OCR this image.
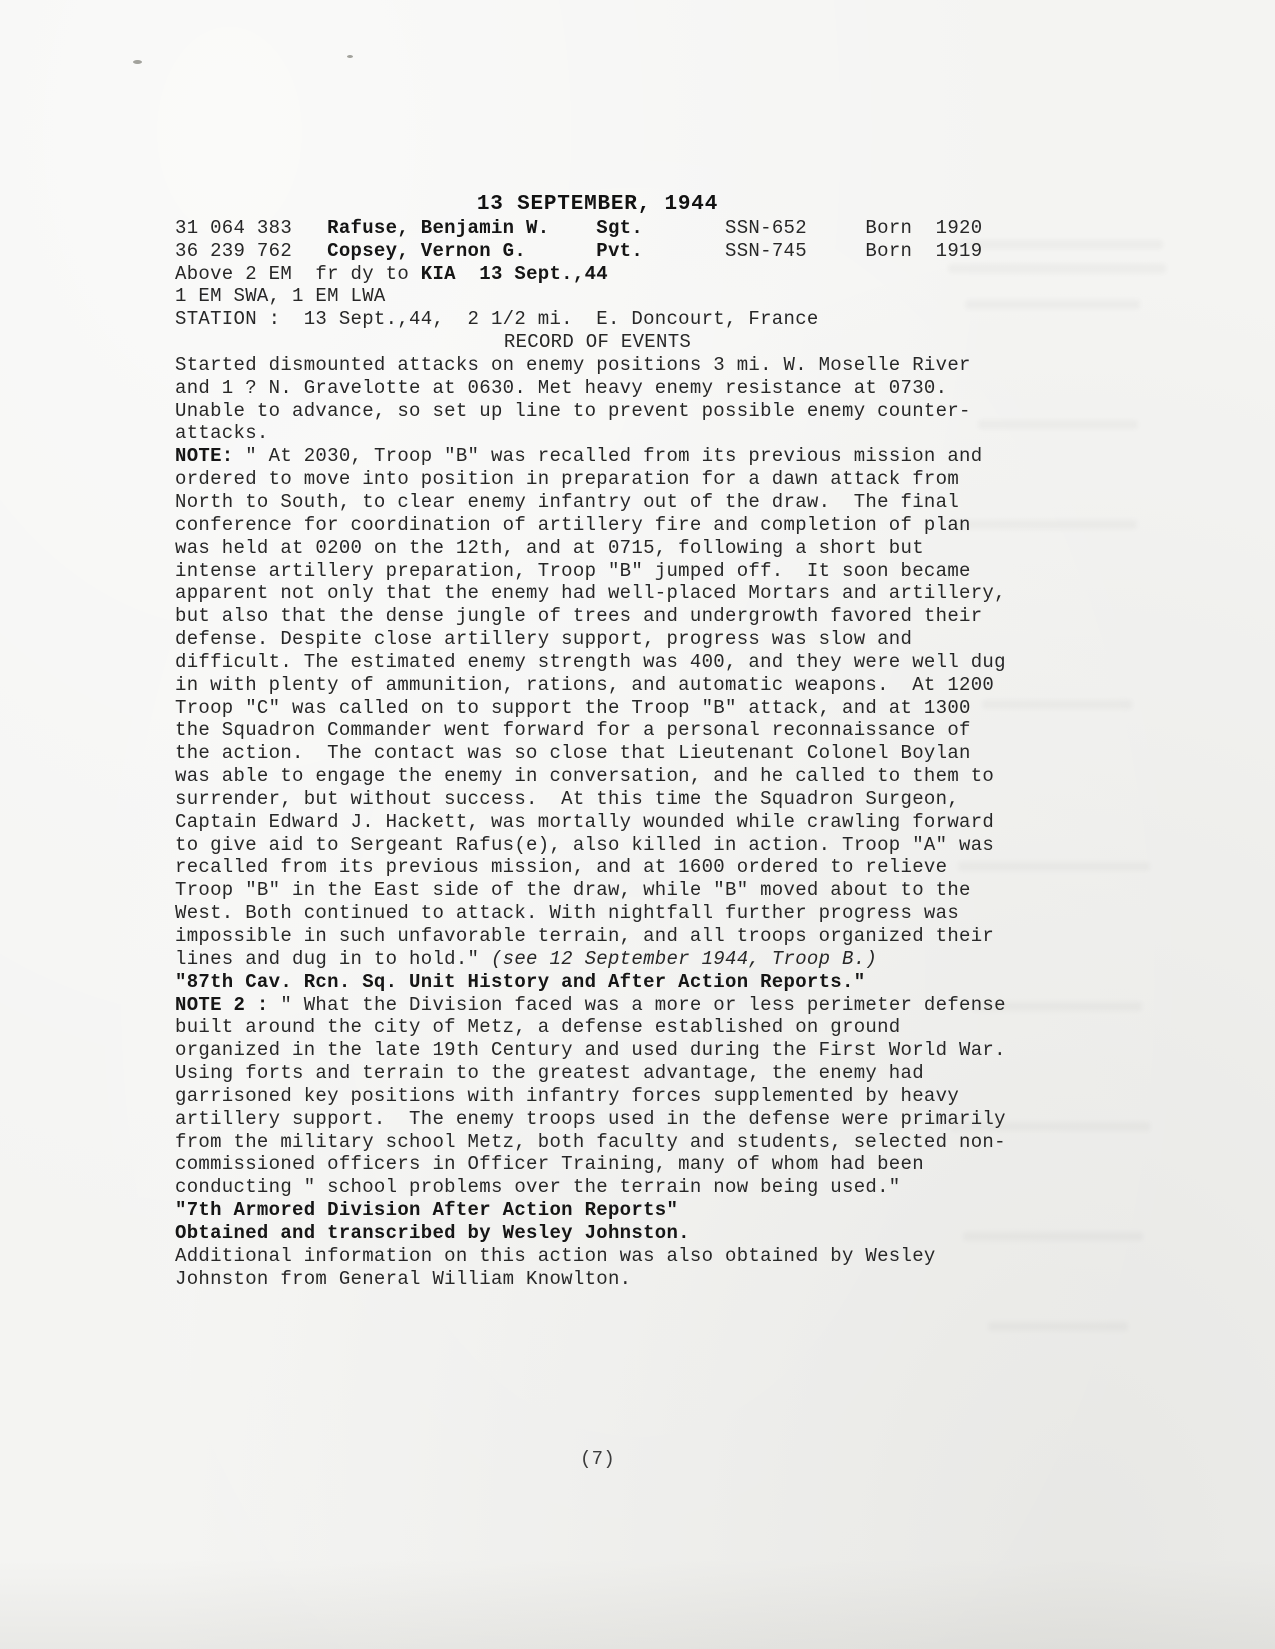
13 SEPTEMBER, 1944
31 064 383   Rafuse, Benjamin W. Sgt.       SSN-652     Born  1920
36 239 762   Copsey, Vernon G.	Pvt.       SSN-745     Born  1919
Above 2 EM  fr dy to KIA  13 Sept.,44
1 EM SWA, 1 EM LWA
STATION :  13 Sept.,44,  2 1/2 mi.  E. Doncourt, France
RECORD OF EVENTS
Started dismounted attacks on enemy positions 3 mi. W. Moselle River
and 1 ? N. Gravelotte at 0630. Met heavy enemy resistance at 0730.
Unable to advance, so set up line to prevent possible enemy counter-
attacks.
NOTE: " At 2030, Troop "B" was recalled from its previous mission and
ordered to move into position in preparation for a dawn attack from
North to South, to clear enemy infantry out of the draw.  The final
conference for coordination of artillery fire and completion of plan
was held at 0200 on the 12th, and at 0715, following a short but
intense artillery preparation, Troop "B" jumped off.  It soon became
apparent not only that the enemy had well-placed Mortars and artillery,
but also that the dense jungle of trees and undergrowth favored their
defense. Despite close artillery support, progress was slow and
difficult. The estimated enemy strength was 400, and they were well dug
in with plenty of ammunition, rations, and automatic weapons.  At 1200
Troop "C" was called on to support the Troop "B" attack, and at 1300
the Squadron Commander went forward for a personal reconnaissance of
the action.  The contact was so close that Lieutenant Colonel Boylan
was able to engage the enemy in conversation, and he called to them to
surrender, but without success.  At this time the Squadron Surgeon,
Captain Edward J. Hackett, was mortally wounded while crawling forward
to give aid to Sergeant Rafus(e), also killed in action. Troop "A" was
recalled from its previous mission, and at 1600 ordered to relieve
Troop "B" in the East side of the draw, while "B" moved about to the
West. Both continued to attack. With nightfall further progress was
impossible in such unfavorable terrain, and all troops organized their
lines and dug in to hold." (see 12 September 1944, Troop B.)
"87th Cav. Rcn. Sq. Unit History and After Action Reports."
NOTE 2 : " What the Division faced was a more or less perimeter defense
built around the city of Metz, a defense established on ground
organized in the late 19th Century and used during the First World War.
Using forts and terrain to the greatest advantage, the enemy had
garrisoned key positions with infantry forces supplemented by heavy
artillery support.  The enemy troops used in the defense were primarily
from the military school Metz, both faculty and students, selected non-
commissioned officers in Officer Training, many of whom had been
conducting " school problems over the terrain now being used."
"7th Armored Division After Action Reports"
Obtained and transcribed by Wesley Johnston.
Additional information on this action was also obtained by Wesley
Johnston from General William Knowlton.
(7)
